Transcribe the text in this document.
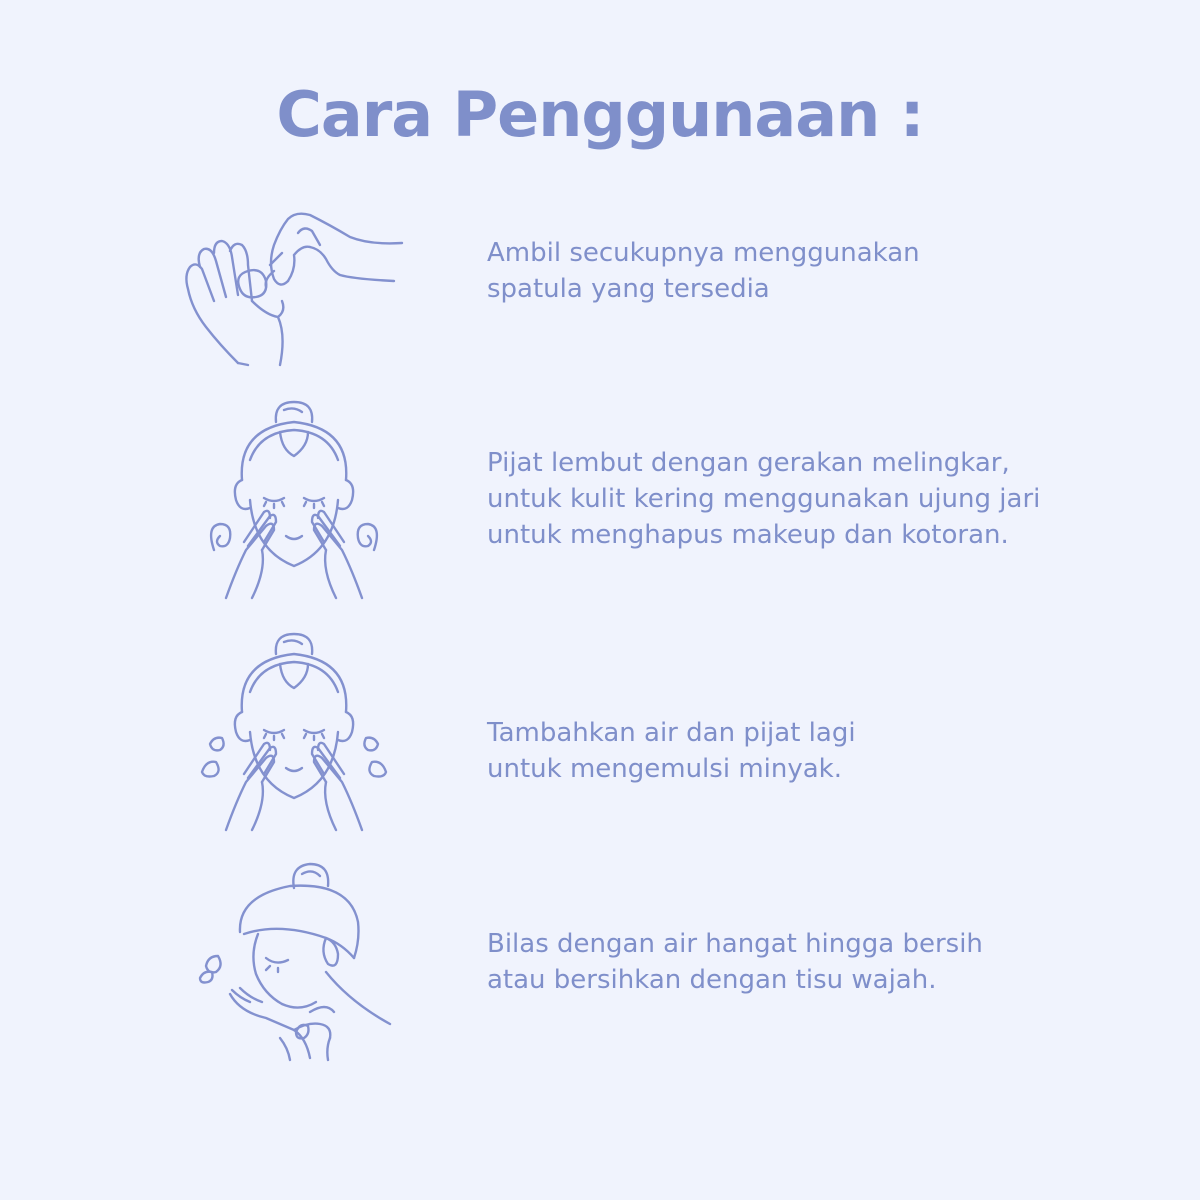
Cara Penggunaan :
Ambil secukupnya menggunakan
spatula yang tersedia
Pijat lembut dengan gerakan melingkar,
untuk kulit kering menggunakan ujung jari
untuk menghapus makeup dan kotoran.
Tambahkan air dan pijat lagi
untuk mengemulsi minyak.
Bilas dengan air hangat hingga bersih
atau bersihkan dengan tisu wajah.
